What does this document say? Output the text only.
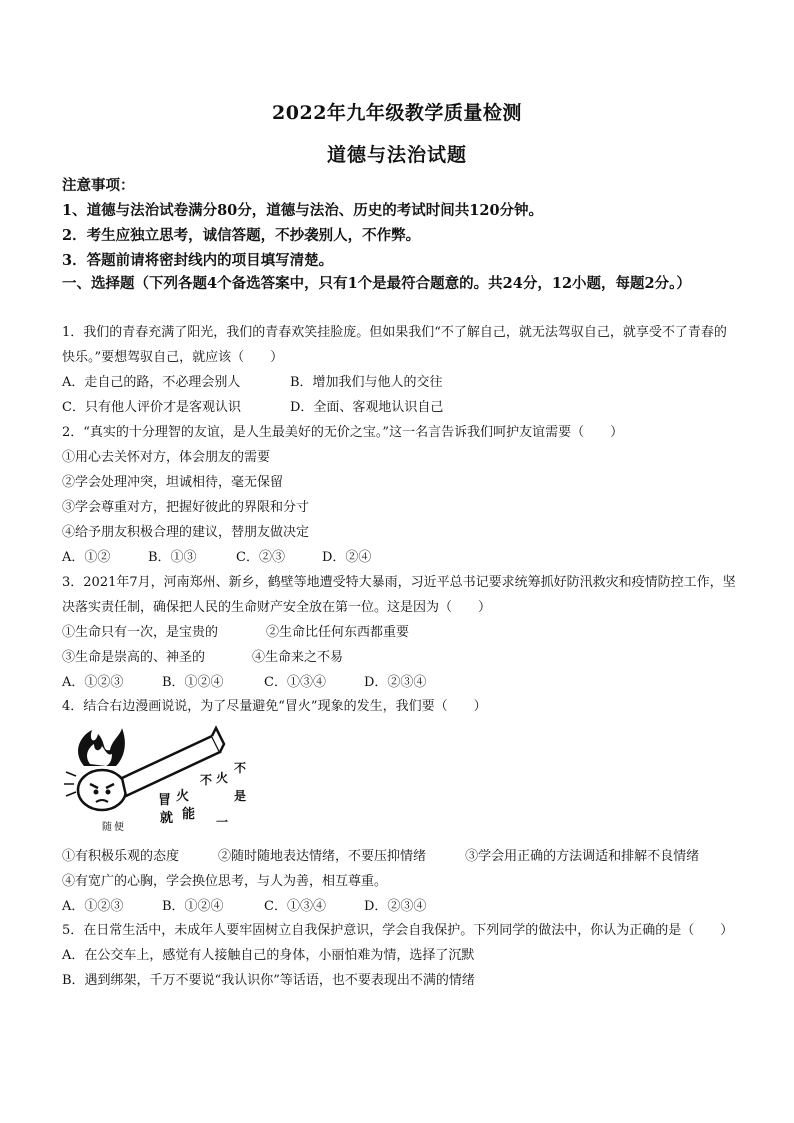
2022年九年级教学质量检测
道德与法治试题
注意事项：
1、道德与法治试卷满分80分，道德与法治、历史的考试时间共120分钟。
2．考生应独立思考，诚信答题，不抄袭别人，不作弊。
3．答题前请将密封线内的项目填写清楚。
一、选择题（下列各题4个备选答案中，只有1个是最符合题意的。共24分，12小题，每题2分。）
1．我们的青春充满了阳光，我们的青春欢笑挂脸庞。但如果我们“不了解自己，就无法驾驭自己，就享受不了青春的快乐。”要想驾驭自己，就应该（　　）
A．走自己的路，不必理会别人	B．增加我们与他人的交往
C．只有他人评价才是客观认识	D．全面、客观地认识自己
2．“真实的十分理智的友谊，是人生最美好的无价之宝。”这一名言告诉我们呵护友谊需要（　　）
①用心去关怀对方，体会朋友的需要
②学会处理冲突，坦诚相待，毫无保留
③学会尊重对方，把握好彼此的界限和分寸
④给予朋友积极合理的建议，替朋友做决定
A．①②	B．①③	C．②③	D．②④
3．2021年7月，河南郑州、新乡，鹤壁等地遭受特大暴雨，习近平总书记要求统筹抓好防汛救灾和疫情防控工作，坚决落实责任制，确保把人民的生命财产安全放在第一位。这是因为（　　）
①生命只有一次，是宝贵的	②生命比任何东西都重要
③生命是崇高的、神圣的	④生命来之不易
A．①②③	B．①②④	C．①③④	D．②③④
4．结合右边漫画说说，为了尽量避免“冒火”现象的发生，我们要（　　）
冒 火
就 能
不 火
不
是
一
随 便
①有积极乐观的态度　　　	②随时随地表达情绪，不要压抑情绪　　　	③学会用正确的方法调适和排解不良情绪　　　④有宽广的心胸，学会换位思考，与人为善，相互尊重。
A．①②③	B．①②④	C．①③④	D．②③④
5．在日常生活中，未成年人要牢固树立自我保护意识，学会自我保护。下列同学的做法中，你认为正确的是（　　）
A．在公交车上，感觉有人接触自己的身体，小丽怕难为情，选择了沉默
B．遇到绑架，千万不要说“我认识你”等话语，也不要表现出不满的情绪
